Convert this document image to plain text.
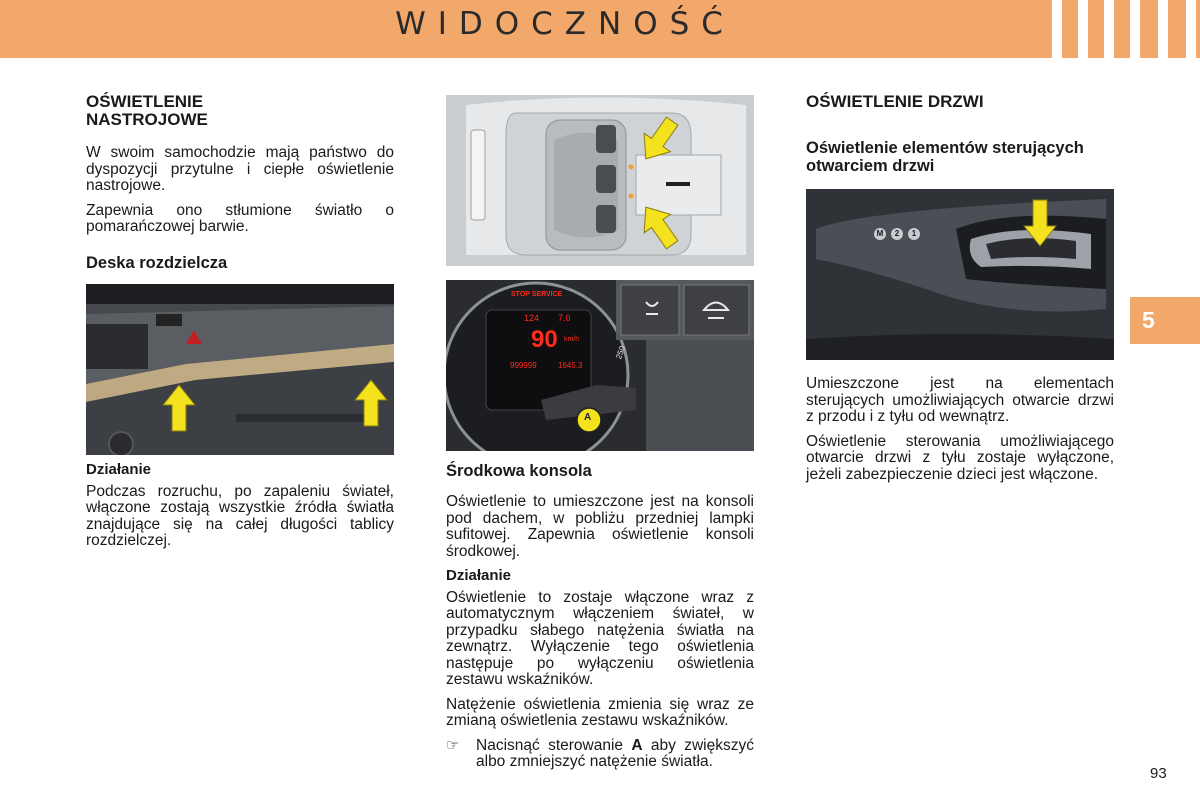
WIDOCZNOŚĆ
5
OŚWIETLENIE NASTROJOWE

W swoim samochodzie mają państwo do dyspozycji przytulne i ciepłe oświetlenie nastrojowe.

Zapewnia ono stłumione światło o pomarańczowej barwie.

Deska rozdzielcza
Działanie

Podczas rozruchu, po zapaleniu świateł, włączone zostają wszystkie źródła światła znajdujące się na całej długości tablicy rozdzielczej.

STOP SERVICE
124 7.0
90 km/h
999999	1645.3
250
A
Środkowa konsola

Oświetlenie to umieszczone jest na konsoli pod dachem, w pobliżu przedniej lampki sufitowej. Zapewnia oświetlenie konsoli środkowej.

Działanie

Oświetlenie to zostaje włączone wraz z automatycznym włączeniem świateł, w przypadku słabego natężenia światła na zewnątrz. Wyłączenie tego oświetlenia następuje po wyłączeniu oświetlenia zestawu wskaźników.

Natężenie oświetlenia zmienia się wraz ze zmianą oświetlenia zestawu wskaźników.

☞	Nacisnąć sterowanie A aby zwiększyć albo zmniejszyć natężenie światła.
OŚWIETLENIE DRZWI
Oświetlenie elementów sterujących otwarciem drzwi
M	2	1

Umieszczone jest na elementach sterujących umożliwiających otwarcie drzwi z przodu i z tyłu od wewnątrz.

Oświetlenie sterowania umożliwiającego otwarcie drzwi z tyłu zostaje wyłączone, jeżeli zabezpieczenie dzieci jest włączone.

93
